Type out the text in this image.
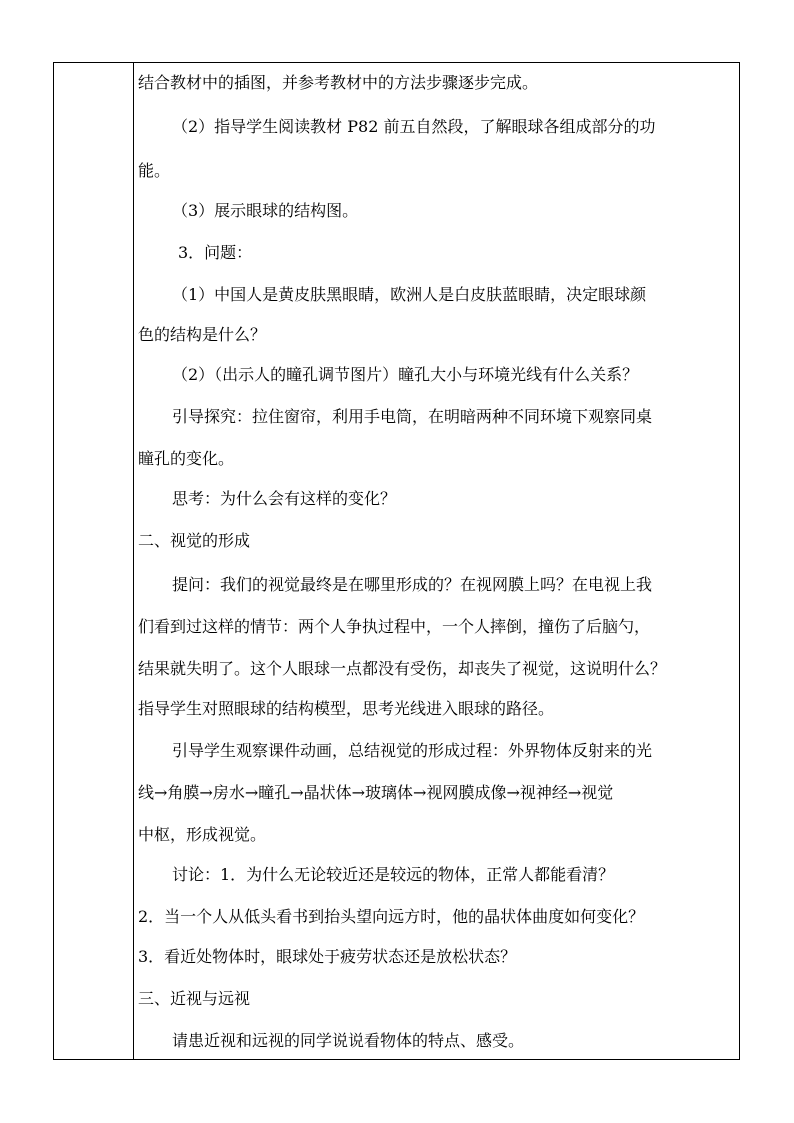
结合教材中的插图，并参考教材中的方法步骤逐步完成。
（2）指导学生阅读教材 P82 前五自然段，了解眼球各组成部分的功
能。
（3）展示眼球的结构图。
3．问题：
（1）中国人是黄皮肤黑眼睛，欧洲人是白皮肤蓝眼睛，决定眼球颜
色的结构是什么？
（2）（出示人的瞳孔调节图片）瞳孔大小与环境光线有什么关系？
引导探究：拉住窗帘，利用手电筒，在明暗两种不同环境下观察同桌
瞳孔的变化。
思考：为什么会有这样的变化？
二、视觉的形成
提问：我们的视觉最终是在哪里形成的？在视网膜上吗？在电视上我
们看到过这样的情节：两个人争执过程中，一个人摔倒，撞伤了后脑勺，
结果就失明了。这个人眼球一点都没有受伤，却丧失了视觉，这说明什么？
指导学生对照眼球的结构模型，思考光线进入眼球的路径。
引导学生观察课件动画，总结视觉的形成过程：外界物体反射来的光
线→角膜→房水→瞳孔→晶状体→玻璃体→视网膜成像→视神经→视觉
中枢，形成视觉。
讨论：1．为什么无论较近还是较远的物体，正常人都能看清？
2．当一个人从低头看书到抬头望向远方时，他的晶状体曲度如何变化？
3．看近处物体时，眼球处于疲劳状态还是放松状态？
三、近视与远视
请患近视和远视的同学说说看物体的特点、感受。
